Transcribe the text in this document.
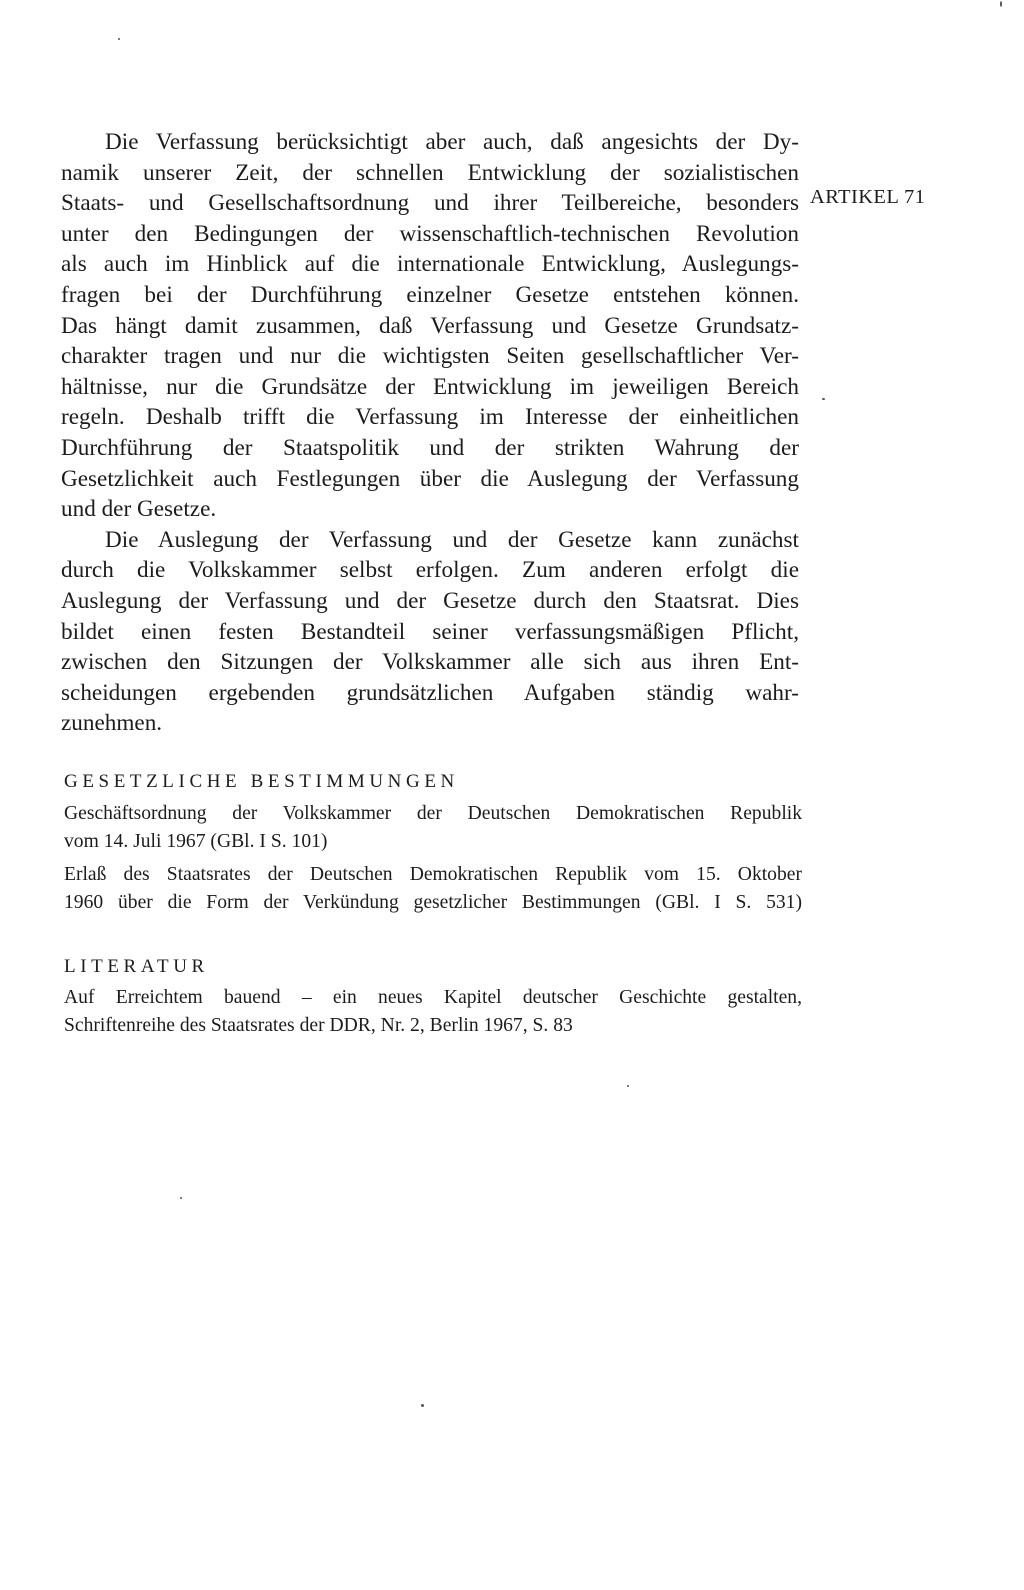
ARTIKEL 71
Die Verfassung berücksichtigt aber auch, daß angesichts der Dy-
namik unserer Zeit, der schnellen Entwicklung der sozialistischen
Staats- und Gesellschaftsordnung und ihrer Teilbereiche, besonders
unter den Bedingungen der wissenschaftlich-technischen Revolution
als auch im Hinblick auf die internationale Entwicklung, Auslegungs-
fragen bei der Durchführung einzelner Gesetze entstehen können.
Das hängt damit zusammen, daß Verfassung und Gesetze Grundsatz-
charakter tragen und nur die wichtigsten Seiten gesellschaftlicher Ver-
hältnisse, nur die Grundsätze der Entwicklung im jeweiligen Bereich
regeln. Deshalb trifft die Verfassung im Interesse der einheitlichen
Durchführung der Staatspolitik und der strikten Wahrung der
Gesetzlichkeit auch Festlegungen über die Auslegung der Verfassung
und der Gesetze.
Die Auslegung der Verfassung und der Gesetze kann zunächst
durch die Volkskammer selbst erfolgen. Zum anderen erfolgt die
Auslegung der Verfassung und der Gesetze durch den Staatsrat. Dies
bildet einen festen Bestandteil seiner verfassungsmäßigen Pflicht,
zwischen den Sitzungen der Volkskammer alle sich aus ihren Ent-
scheidungen ergebenden grundsätzlichen Aufgaben ständig wahr-
zunehmen.
GESETZLICHE BESTIMMUNGEN
Geschäftsordnung der Volkskammer der Deutschen Demokratischen Republik
vom 14. Juli 1967 (GBl. I S. 101)
Erlaß des Staatsrates der Deutschen Demokratischen Republik vom 15. Oktober
1960 über die Form der Verkündung gesetzlicher Bestimmungen (GBl. I S. 531)
LITERATUR
Auf Erreichtem bauend – ein neues Kapitel deutscher Geschichte gestalten,
Schriftenreihe des Staatsrates der DDR, Nr. 2, Berlin 1967, S. 83
